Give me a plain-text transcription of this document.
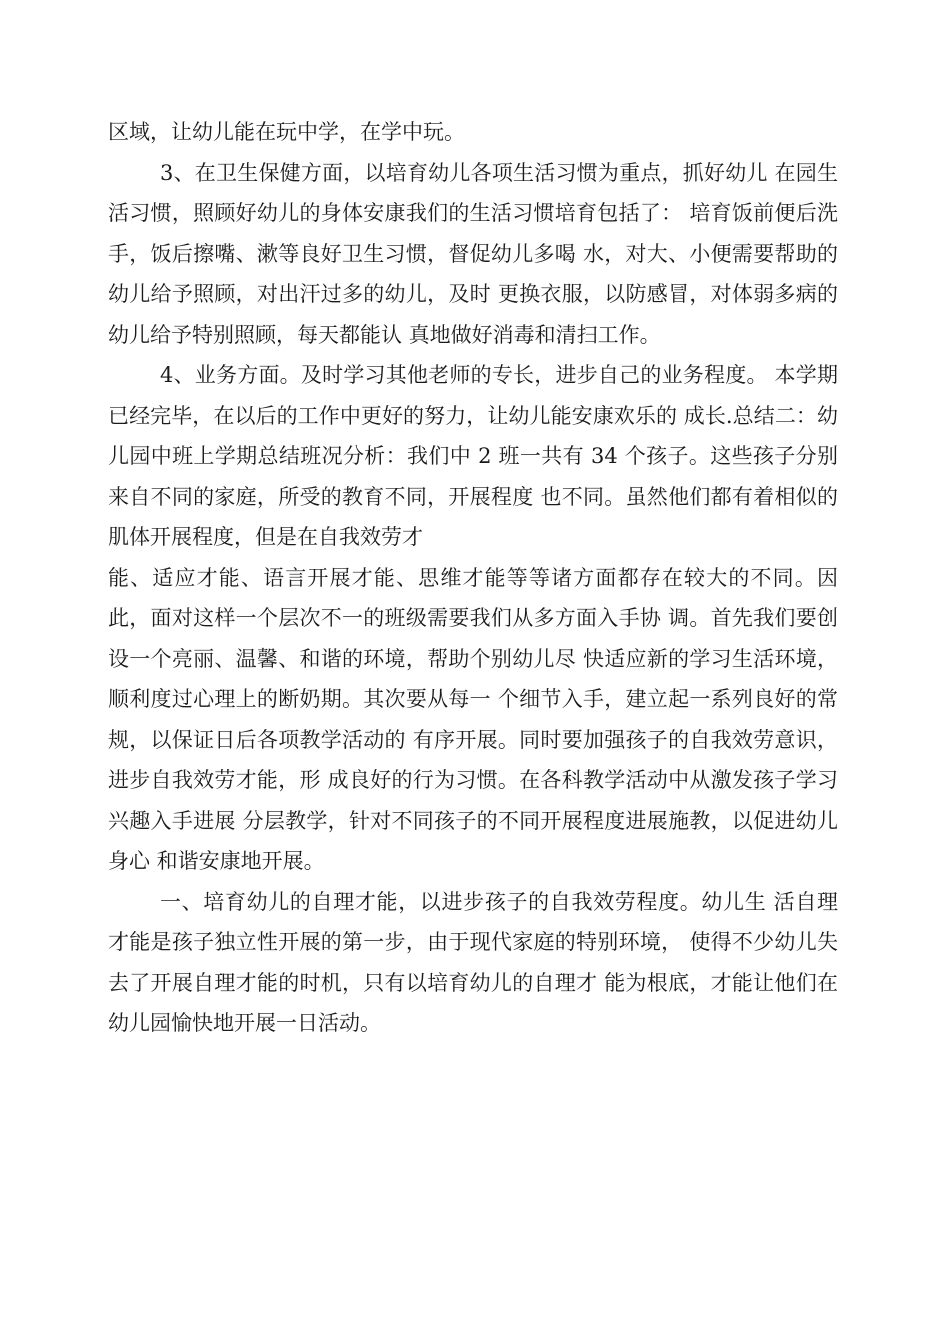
区域，让幼儿能在玩中学，在学中玩。

3、在卫生保健方面，以培育幼儿各项生活习惯为重点，抓好幼儿 在园生活习惯，照顾好幼儿的身体安康我们的生活习惯培育包括了： 培育饭前便后洗手，饭后擦嘴、漱等良好卫生习惯，督促幼儿多喝 水，对大、小便需要帮助的幼儿给予照顾，对出汗过多的幼儿，及时 更换衣服，以防感冒，对体弱多病的幼儿给予特别照顾，每天都能认 真地做好消毒和清扫工作。

4、业务方面。及时学习其他老师的专长，进步自己的业务程度。 本学期已经完毕，在以后的工作中更好的努力，让幼儿能安康欢乐的 成长.总结二：幼儿园中班上学期总结班况分析：我们中 2 班一共有 34 个孩子。这些孩子分别来自不同的家庭，所受的教育不同，开展程度 也不同。虽然他们都有着相似的肌体开展程度，但是在自我效劳才

能、适应才能、语言开展才能、思维才能等等诸方面都存在较大的不同。因此，面对这样一个层次不一的班级需要我们从多方面入手协 调。首先我们要创设一个亮丽、温馨、和谐的环境，帮助个别幼儿尽 快适应新的学习生活环境，顺利度过心理上的断奶期。其次要从每一 个细节入手，建立起一系列良好的常规，以保证日后各项教学活动的 有序开展。同时要加强孩子的自我效劳意识，进步自我效劳才能，形 成良好的行为习惯。在各科教学活动中从激发孩子学习兴趣入手进展 分层教学，针对不同孩子的不同开展程度进展施教，以促进幼儿身心 和谐安康地开展。

一、培育幼儿的自理才能，以进步孩子的自我效劳程度。幼儿生 活自理才能是孩子独立性开展的第一步，由于现代家庭的特别环境， 使得不少幼儿失去了开展自理才能的时机，只有以培育幼儿的自理才 能为根底，才能让他们在幼儿园愉快地开展一日活动。
